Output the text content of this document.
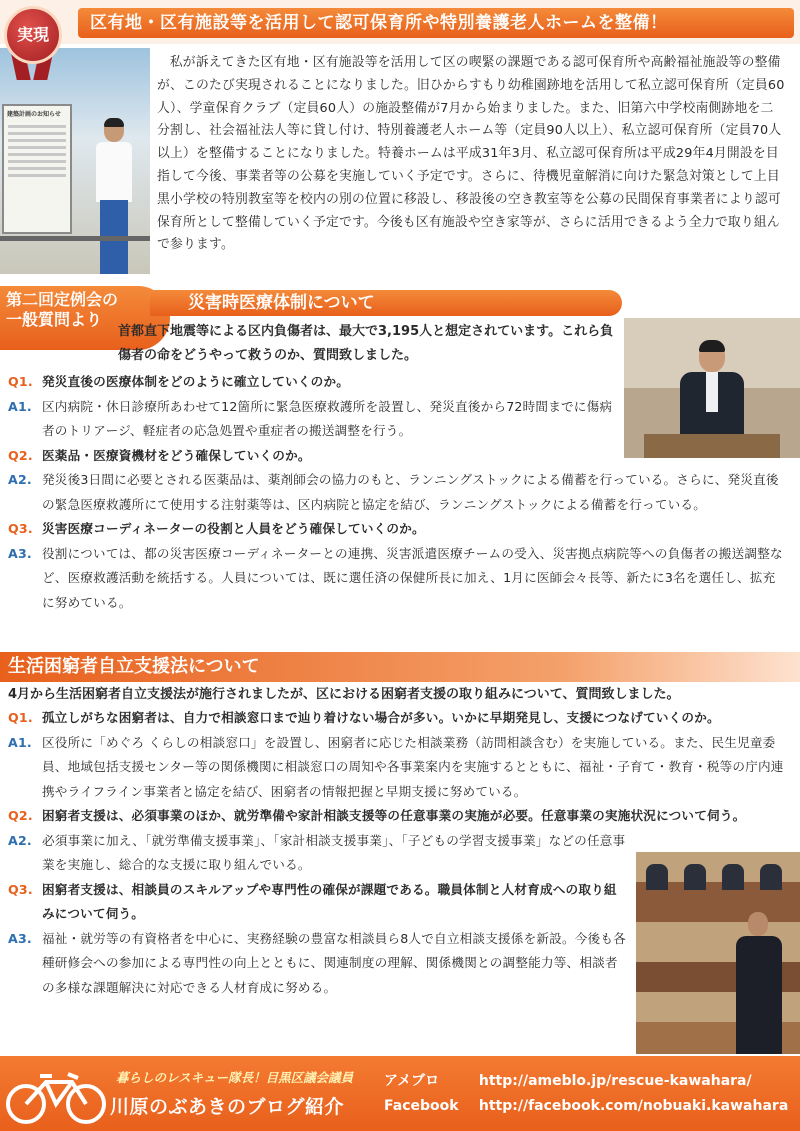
区有地・区有施設等を活用して認可保育所や特別養護老人ホームを整備！
実現
建築計画のお知らせ

私が訴えてきた区有地・区有施設等を活用して区の喫緊の課題である認可保育所や高齢福祉施設等の整備が、このたび実現されることになりました。旧ひからすもり幼稚園跡地を活用して私立認可保育所（定員60人）、学童保育クラブ（定員60人）の施設整備が7月から始まりました。また、旧第六中学校南側跡地を二分割し、社会福祉法人等に貸し付け、特別養護老人ホーム等（定員90人以上）、私立認可保育所（定員70人以上）を整備することになりました。特養ホームは平成31年3月、私立認可保育所は平成29年4月開設を目指して今後、事業者等の公募を実施していく予定です。さらに、待機児童解消に向けた緊急対策として上目黒小学校の特別教室等を校内の別の位置に移設し、移設後の空き教室等を公募の民間保育事業者により認可保育所として整備していく予定です。今後も区有施設や空き家等が、さらに活用できるよう全力で取り組んで参ります。

第二回定例会の
一般質問より
災害時医療体制について

首都直下地震等による区内負傷者は、最大で3,195人と想定されています。これら負傷者の命をどうやって救うのか、質問致しました。

Q1. 発災直後の医療体制をどのように確立していくのか。
A1. 区内病院・休日診療所あわせて12箇所に緊急医療救護所を設置し、発災直後から72時間までに傷病者のトリアージ、軽症者の応急処置や重症者の搬送調整を行う。
Q2. 医薬品・医療資機材をどう確保していくのか。
A2. 発災後3日間に必要とされる医薬品は、薬剤師会の協力のもと、ランニングストックによる備蓄を行っている。さらに、発災直後の緊急医療救護所にて使用する注射薬等は、区内病院と協定を結び、ランニングストックによる備蓄を行っている。
Q3. 災害医療コーディネーターの役割と人員をどう確保していくのか。
A3. 役割については、都の災害医療コーディネーターとの連携、災害派遣医療チームの受入、災害拠点病院等への負傷者の搬送調整など、医療救護活動を統括する。人員については、既に選任済の保健所長に加え、1月に医師会々長等、新たに3名を選任し、拡充に努めている。
生活困窮者自立支援法について

4月から生活困窮者自立支援法が施行されましたが、区における困窮者支援の取り組みについて、質問致しました。

Q1. 孤立しがちな困窮者は、自力で相談窓口まで辿り着けない場合が多い。いかに早期発見し、支援につなげていくのか。
A1. 区役所に「めぐろ くらしの相談窓口」を設置し、困窮者に応じた相談業務（訪問相談含む）を実施している。また、民生児童委員、地域包括支援センター等の関係機関に相談窓口の周知や各事業案内を実施するとともに、福祉・子育て・教育・税等の庁内連携やライフライン事業者と協定を結び、困窮者の情報把握と早期支援に努めている。
Q2. 困窮者支援は、必須事業のほか、就労準備や家計相談支援等の任意事業の実施が必要。任意事業の実施状況について伺う。
A2. 必須事業に加え、「就労準備支援事業」、「家計相談支援事業」、「子どもの学習支援事業」などの任意事業を実施し、総合的な支援に取り組んでいる。
Q3. 困窮者支援は、相談員のスキルアップや専門性の確保が課題である。職員体制と人材育成への取り組みについて伺う。
A3. 福祉・就労等の有資格者を中心に、実務経験の豊富な相談員ら8人で自立相談支援係を新設。今後も各種研修会への参加による専門性の向上とともに、関連制度の理解、関係機関との調整能力等、相談者の多様な課題解決に対応できる人材育成に努める。
暮らしのレスキュー隊長！目黒区議会議員
川原のぶあきのブログ紹介
アメブロ	http://ameblo.jp/rescue-kawahara/
Facebook http://facebook.com/nobuaki.kawahara
